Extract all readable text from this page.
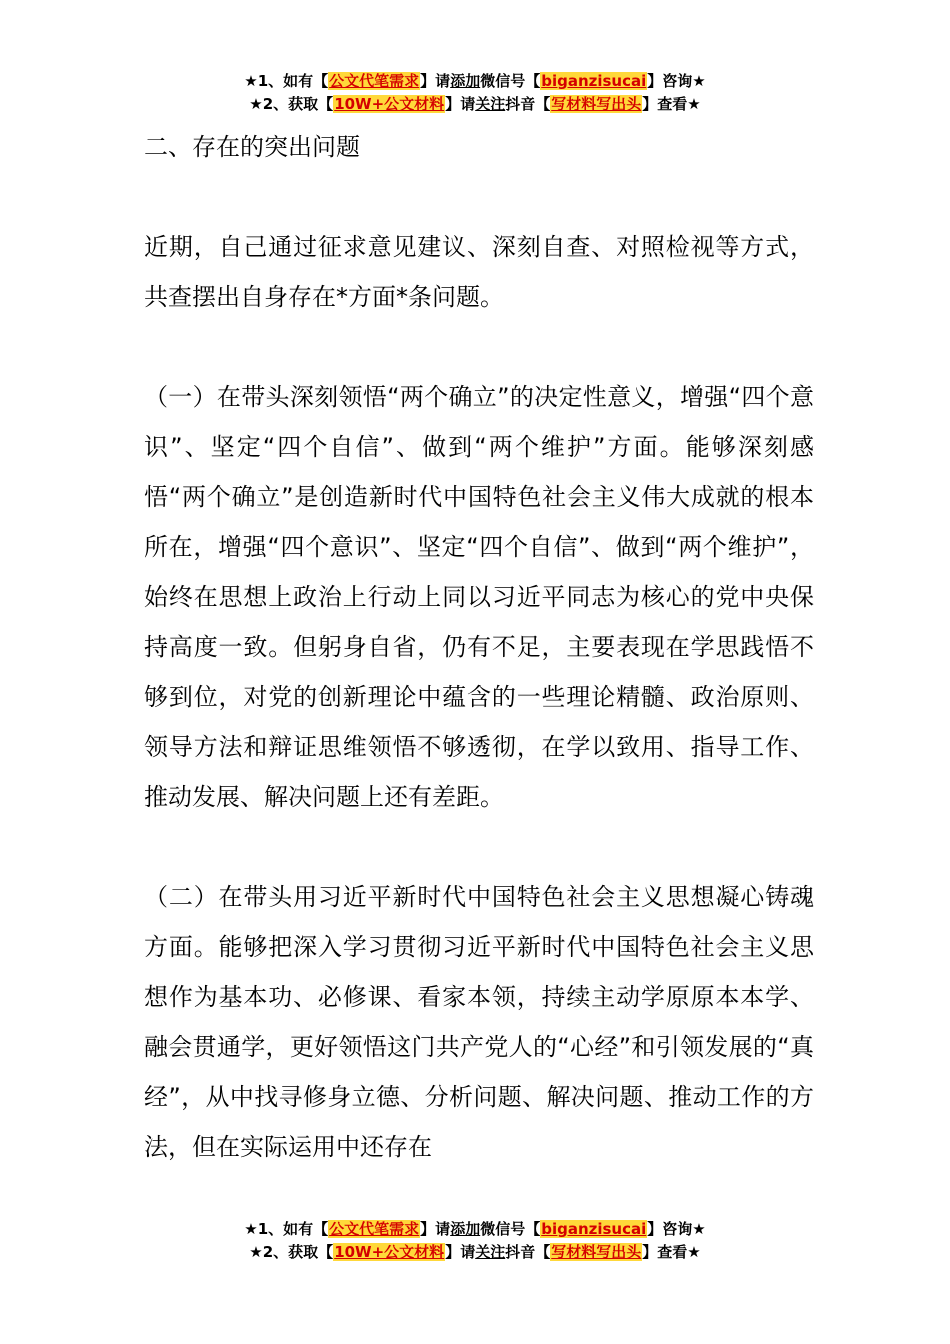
★1、如有【公文代笔需求】请添加微信号【biganzisucai】咨询★
★2、获取【10W+公文材料】请关注抖音【写材料写出头】查看★

二、存在的突出问题

近期，自己通过征求意见建议、深刻自查、对照检视等方式，共查摆出自身存在*方面*条问题。

（一）在带头深刻领悟“两个确立”的决定性意义，增强“四个意识”、坚定“四个自信”、做到“两个维护”方面。能够深刻感悟“两个确立”是创造新时代中国特色社会主义伟大成就的根本所在，增强“四个意识”、坚定“四个自信”、做到“两个维护”，始终在思想上政治上行动上同以习近平同志为核心的党中央保持高度一致。但躬身自省，仍有不足，主要表现在学思践悟不够到位，对党的创新理论中蕴含的一些理论精髓、政治原则、领导方法和辩证思维领悟不够透彻，在学以致用、指导工作、推动发展、解决问题上还有差距。

（二）在带头用习近平新时代中国特色社会主义思想凝心铸魂方面。能够把深入学习贯彻习近平新时代中国特色社会主义思想作为基本功、必修课、看家本领，持续主动学原原本本学、融会贯通学，更好领悟这门共产党人的“心经”和引领发展的“真经”，从中找寻修身立德、分析问题、解决问题、推动工作的方法，但在实际运用中还存在

★1、如有【公文代笔需求】请添加微信号【biganzisucai】咨询★
★2、获取【10W+公文材料】请关注抖音【写材料写出头】查看★
